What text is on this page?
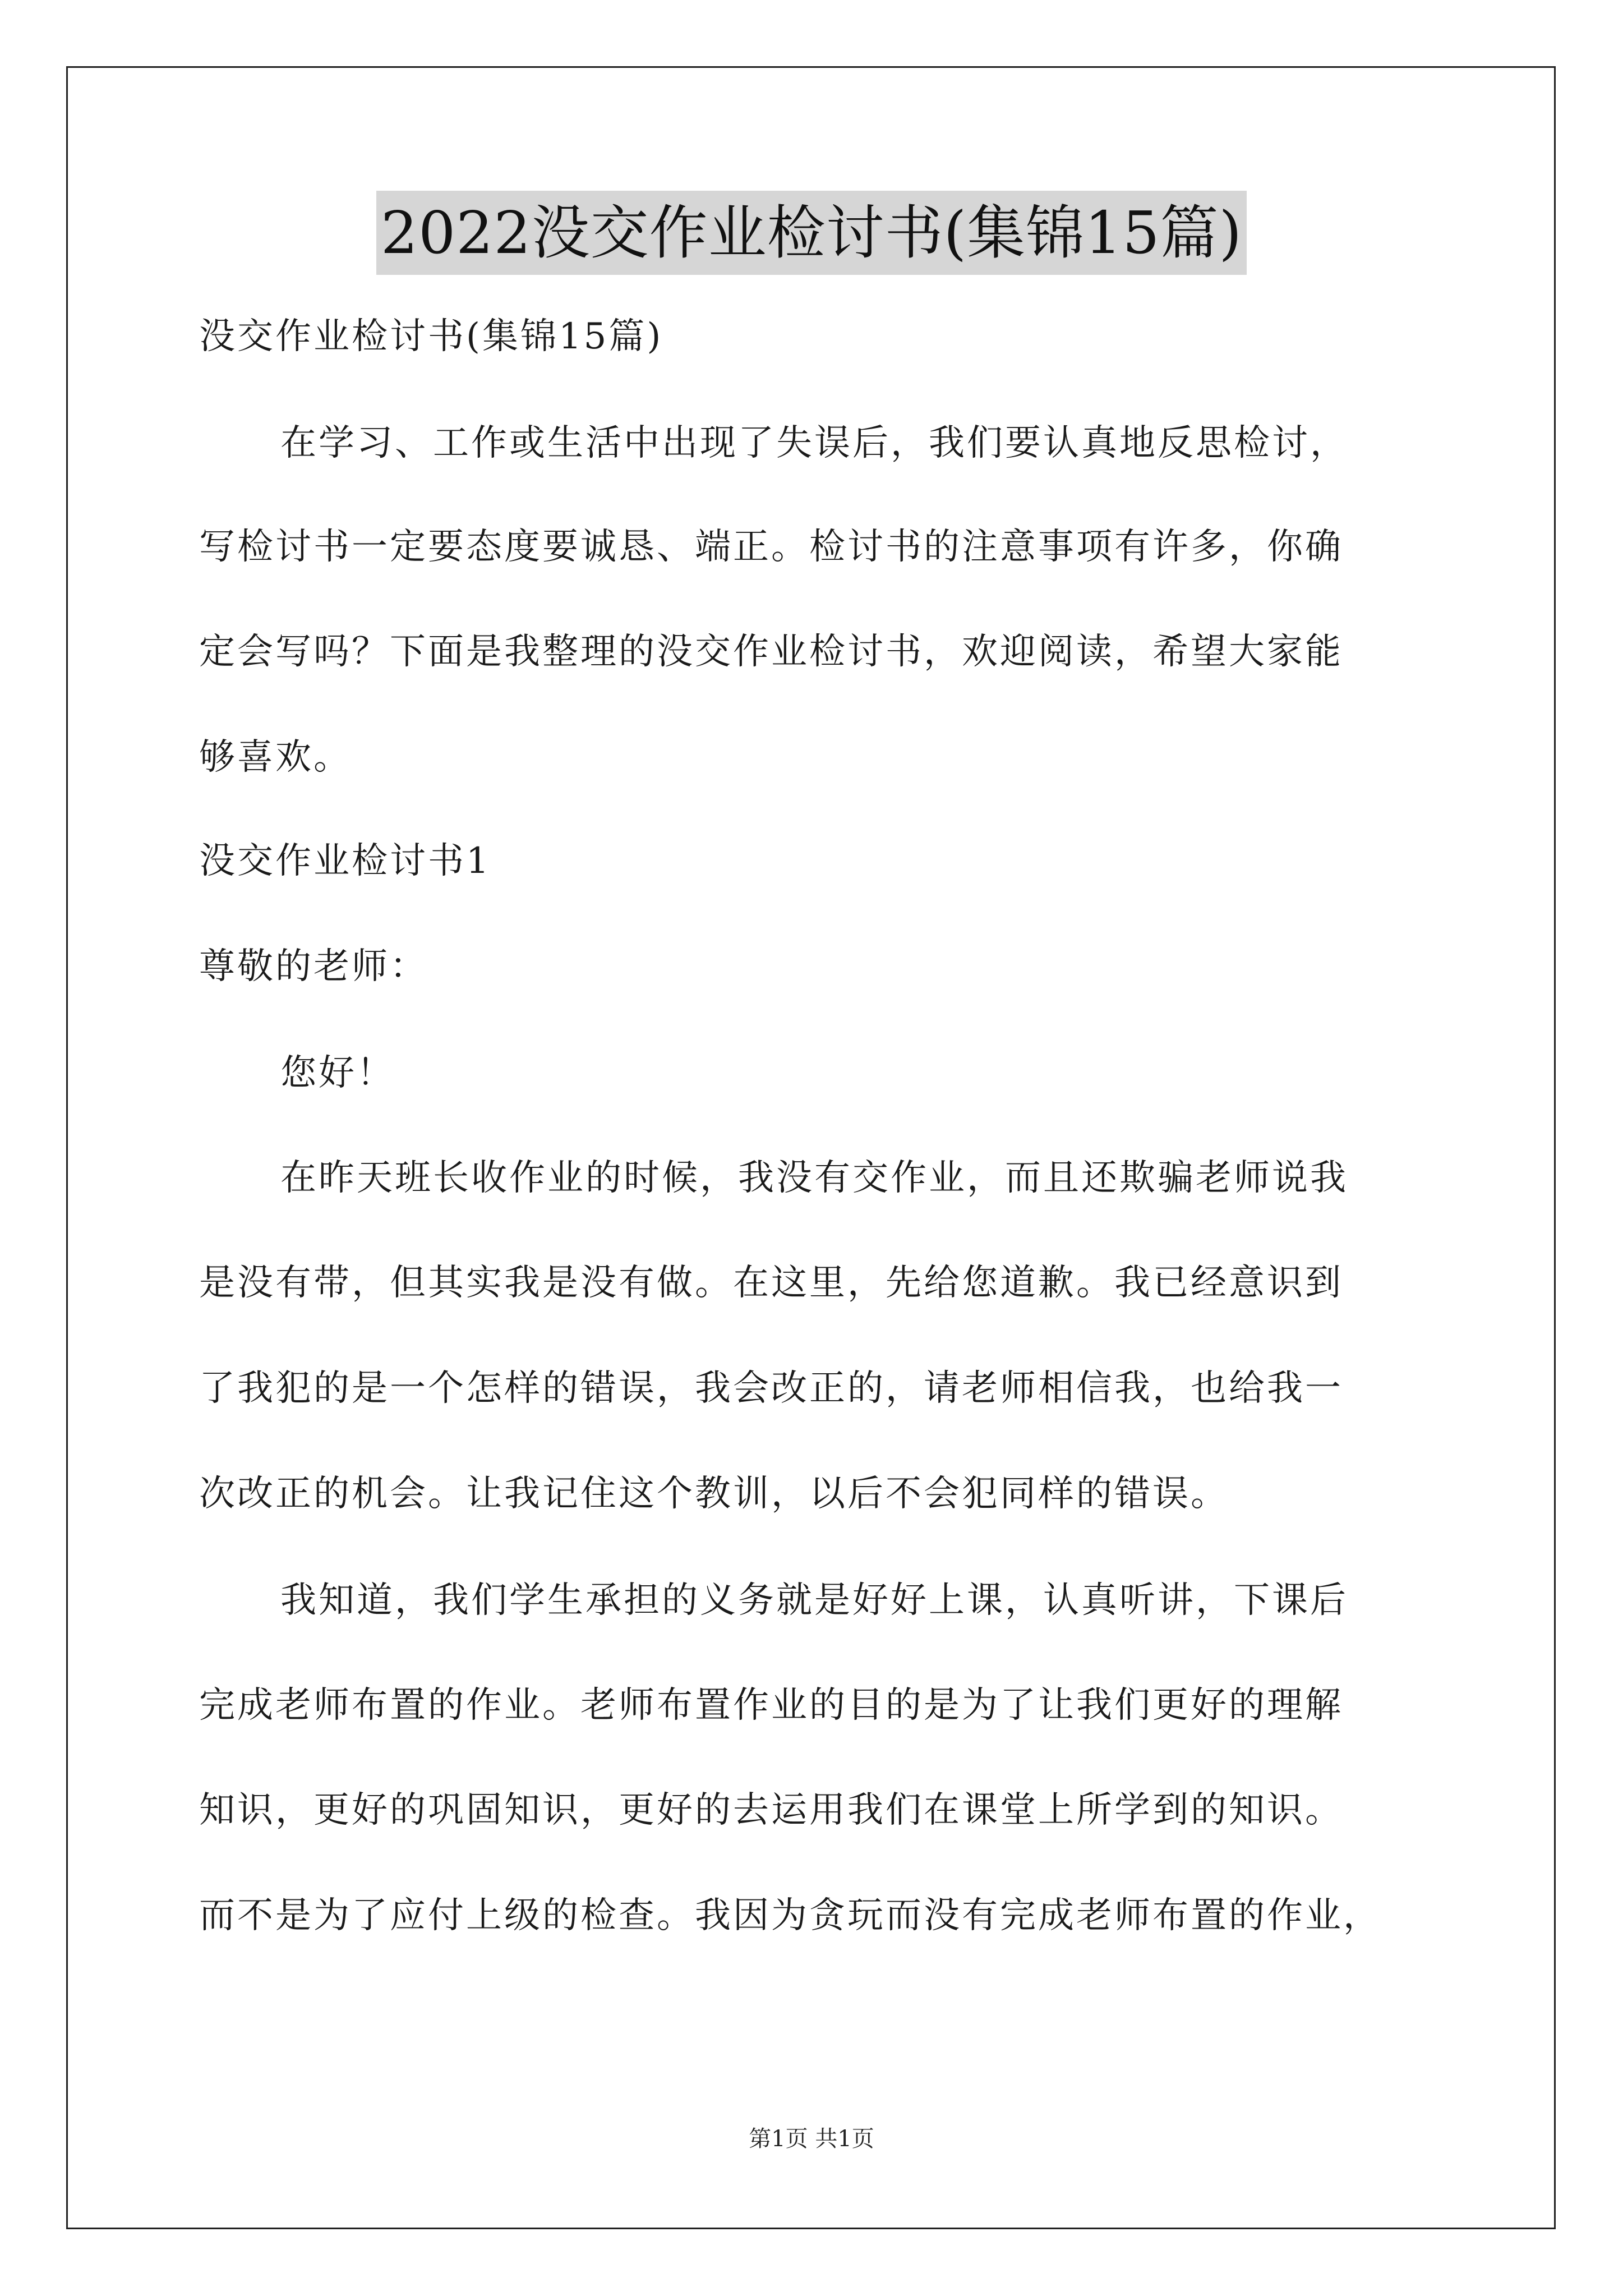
2022没交作业检讨书(集锦15篇)
没交作业检讨书(集锦15篇)
在学习、工作或生活中出现了失误后，我们要认真地反思检讨，
写检讨书一定要态度要诚恳、端正。检讨书的注意事项有许多，你确
定会写吗？下面是我整理的没交作业检讨书，欢迎阅读，希望大家能
够喜欢。
没交作业检讨书1
尊敬的老师：
您好！
在昨天班长收作业的时候，我没有交作业，而且还欺骗老师说我
是没有带，但其实我是没有做。在这里，先给您道歉。我已经意识到
了我犯的是一个怎样的错误，我会改正的，请老师相信我，也给我一
次改正的机会。让我记住这个教训，以后不会犯同样的错误。
我知道，我们学生承担的义务就是好好上课，认真听讲，下课后
完成老师布置的作业。老师布置作业的目的是为了让我们更好的理解
知识，更好的巩固知识，更好的去运用我们在课堂上所学到的知识。
而不是为了应付上级的检查。我因为贪玩而没有完成老师布置的作业，
第1页 共1页
